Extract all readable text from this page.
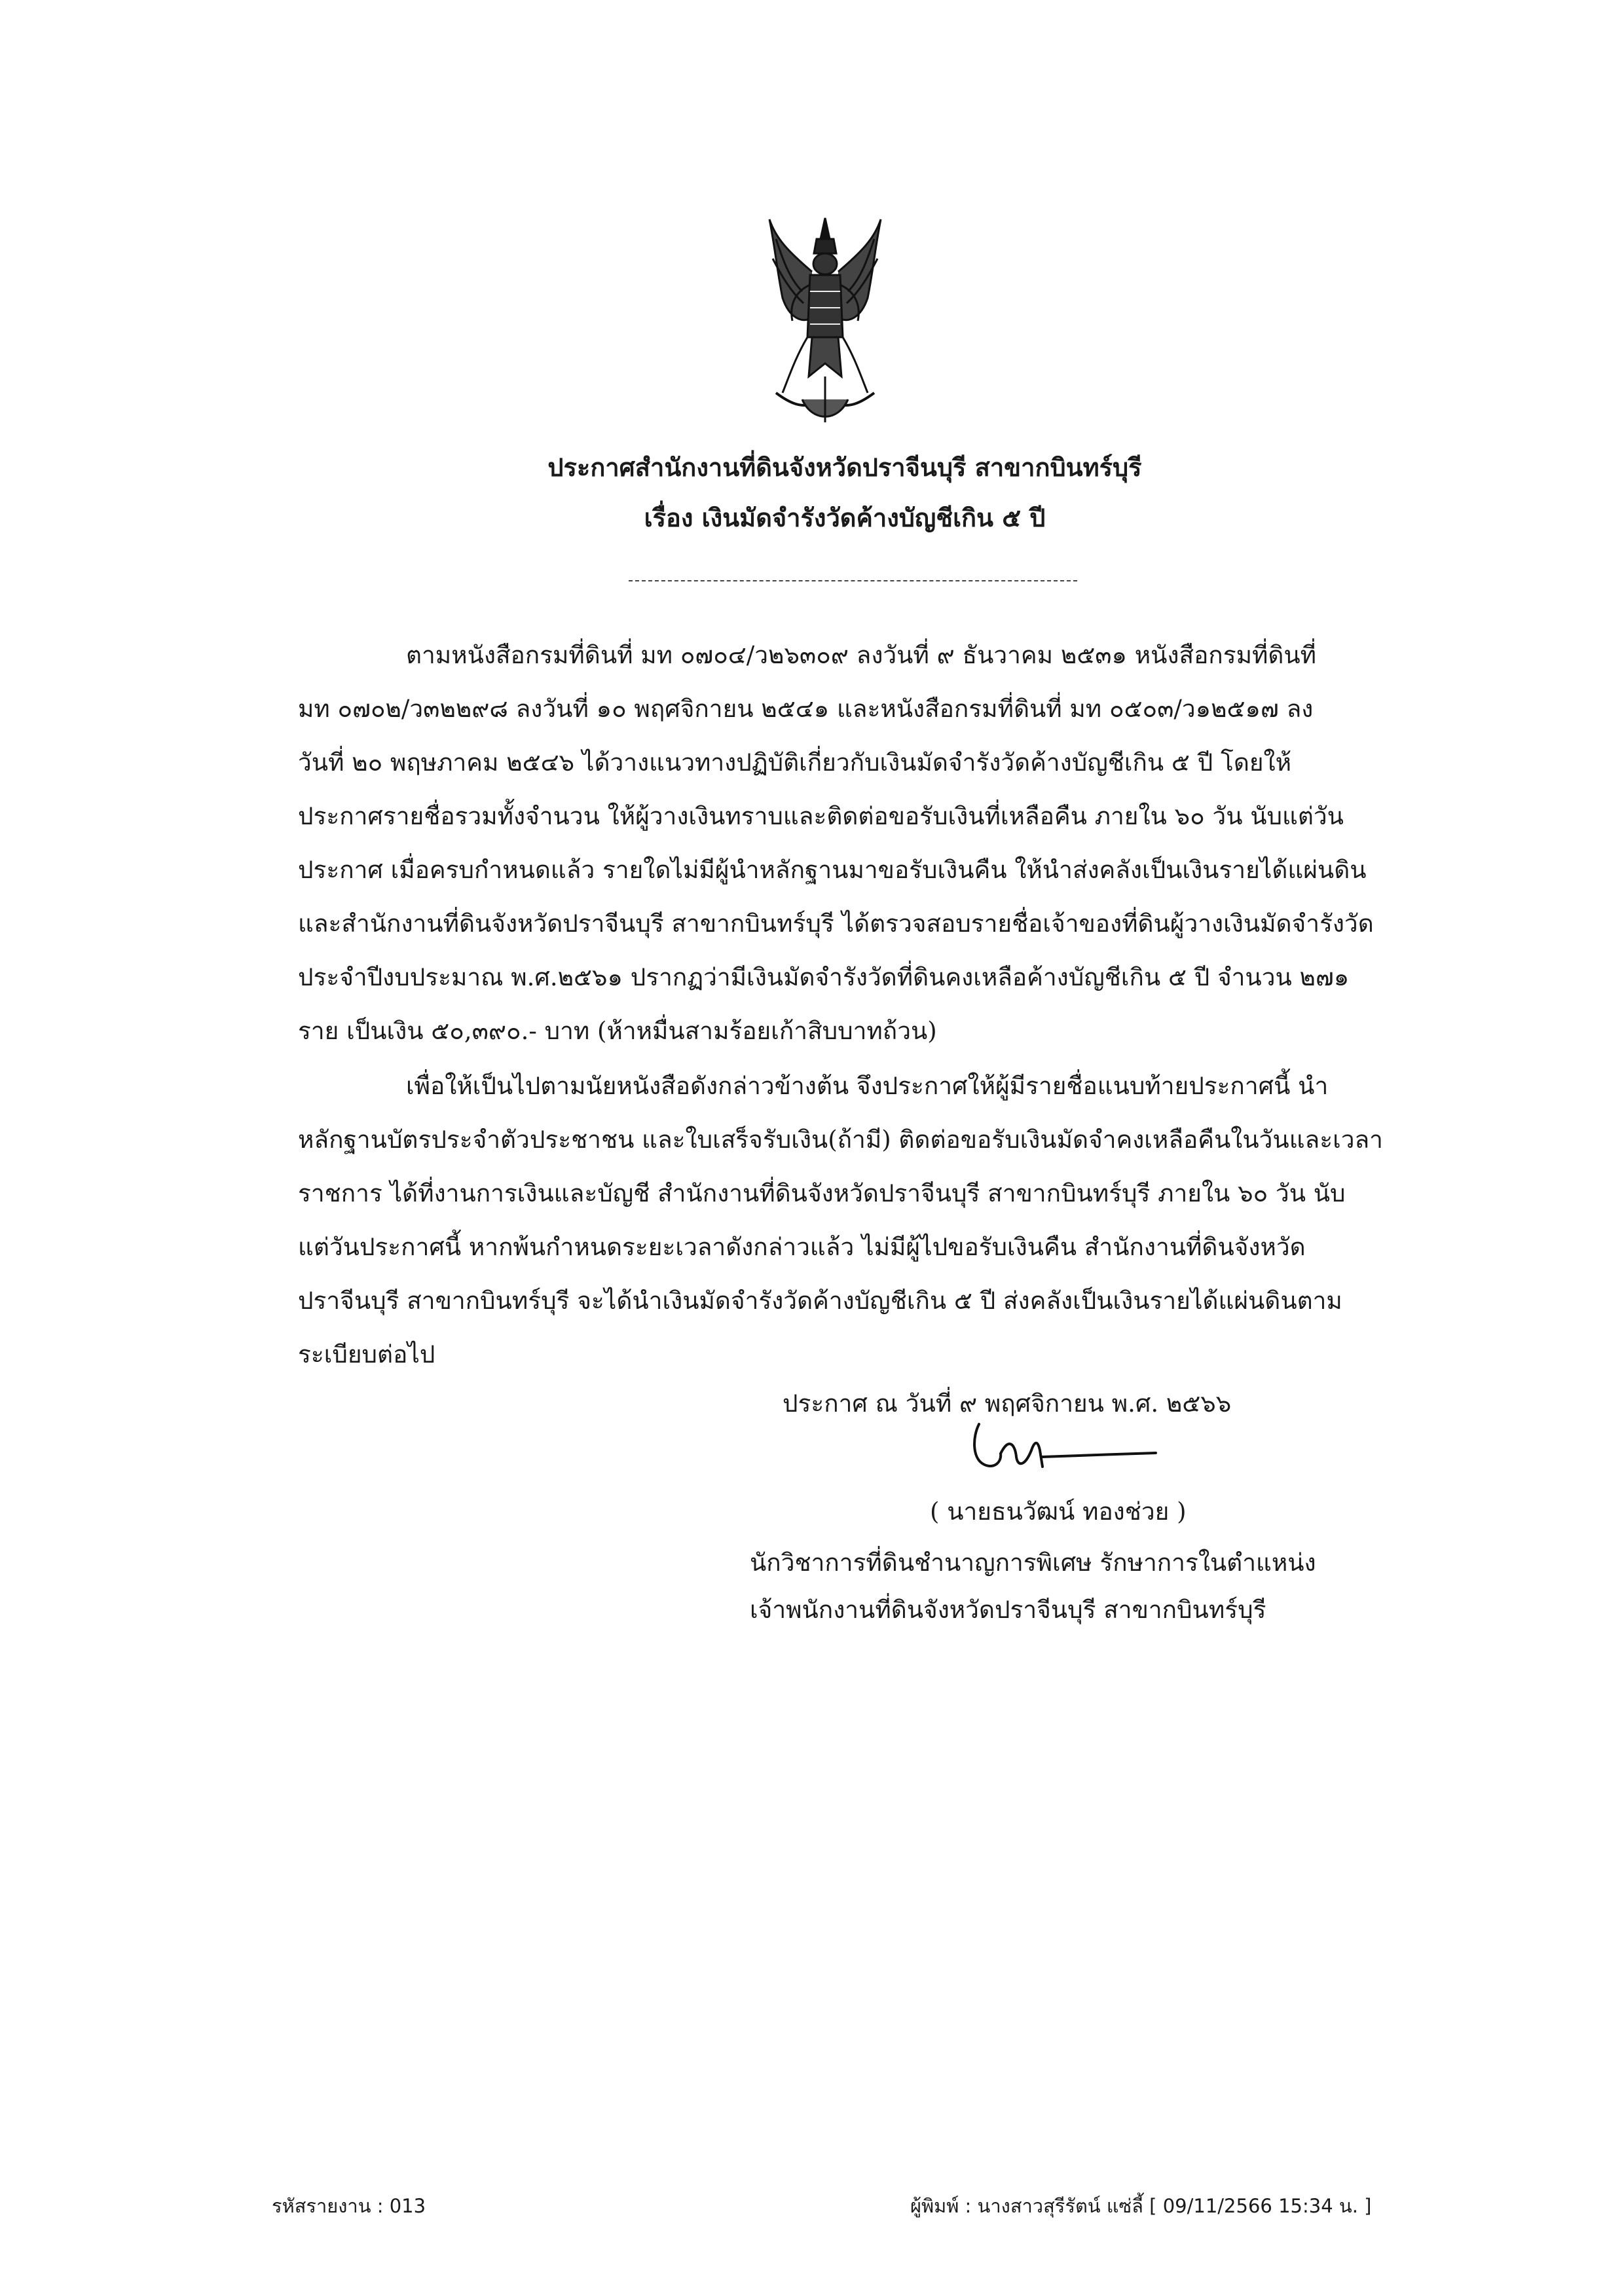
ประกาศสำนักงานที่ดินจังหวัดปราจีนบุรี สาขากบินทร์บุรี
เรื่อง เงินมัดจำรังวัดค้างบัญชีเกิน ๕ ปี
ตามหนังสือกรมที่ดินที่ มท ๐๗๐๔/ว๒๖๓๐๙ ลงวันที่ ๙ ธันวาคม ๒๕๓๑ หนังสือกรมที่ดินที่
มท ๐๗๐๒/ว๓๒๒๙๘ ลงวันที่ ๑๐ พฤศจิกายน ๒๕๔๑ และหนังสือกรมที่ดินที่ มท ๐๕๐๓/ว๑๒๕๑๗ ลง
วันที่ ๒๐ พฤษภาคม ๒๕๔๖ ได้วางแนวทางปฏิบัติเกี่ยวกับเงินมัดจำรังวัดค้างบัญชีเกิน ๕ ปี โดยให้
ประกาศรายชื่อรวมทั้งจำนวน ให้ผู้วางเงินทราบและติดต่อขอรับเงินที่เหลือคืน ภายใน ๖๐ วัน นับแต่วัน
ประกาศ เมื่อครบกำหนดแล้ว รายใดไม่มีผู้นำหลักฐานมาขอรับเงินคืน ให้นำส่งคลังเป็นเงินรายได้แผ่นดิน
และสำนักงานที่ดินจังหวัดปราจีนบุรี สาขากบินทร์บุรี ได้ตรวจสอบรายชื่อเจ้าของที่ดินผู้วางเงินมัดจำรังวัด
ประจำปีงบประมาณ พ.ศ.๒๕๖๑ ปรากฏว่ามีเงินมัดจำรังวัดที่ดินคงเหลือค้างบัญชีเกิน ๕ ปี จำนวน ๒๗๑
ราย เป็นเงิน ๕๐,๓๙๐.- บาท (ห้าหมื่นสามร้อยเก้าสิบบาทถ้วน)
เพื่อให้เป็นไปตามนัยหนังสือดังกล่าวข้างต้น จึงประกาศให้ผู้มีรายชื่อแนบท้ายประกาศนี้ นำ
หลักฐานบัตรประจำตัวประชาชน และใบเสร็จรับเงิน(ถ้ามี) ติดต่อขอรับเงินมัดจำคงเหลือคืนในวันและเวลา
ราชการ ได้ที่งานการเงินและบัญชี สำนักงานที่ดินจังหวัดปราจีนบุรี สาขากบินทร์บุรี ภายใน ๖๐ วัน นับ
แต่วันประกาศนี้ หากพ้นกำหนดระยะเวลาดังกล่าวแล้ว ไม่มีผู้ไปขอรับเงินคืน สำนักงานที่ดินจังหวัด
ปราจีนบุรี สาขากบินทร์บุรี จะได้นำเงินมัดจำรังวัดค้างบัญชีเกิน ๕ ปี ส่งคลังเป็นเงินรายได้แผ่นดินตาม
ระเบียบต่อไป
ประกาศ ณ วันที่ ๙ พฤศจิกายน พ.ศ. ๒๕๖๖
( นายธนวัฒน์ ทองช่วย )
นักวิชาการที่ดินชำนาญการพิเศษ รักษาการในตำแหน่ง
เจ้าพนักงานที่ดินจังหวัดปราจีนบุรี สาขากบินทร์บุรี
รหัสรายงาน : 013	ผู้พิมพ์ : นางสาวสุรีรัตน์ แซ่ลี้ [ 09/11/2566 15:34 น. ]
